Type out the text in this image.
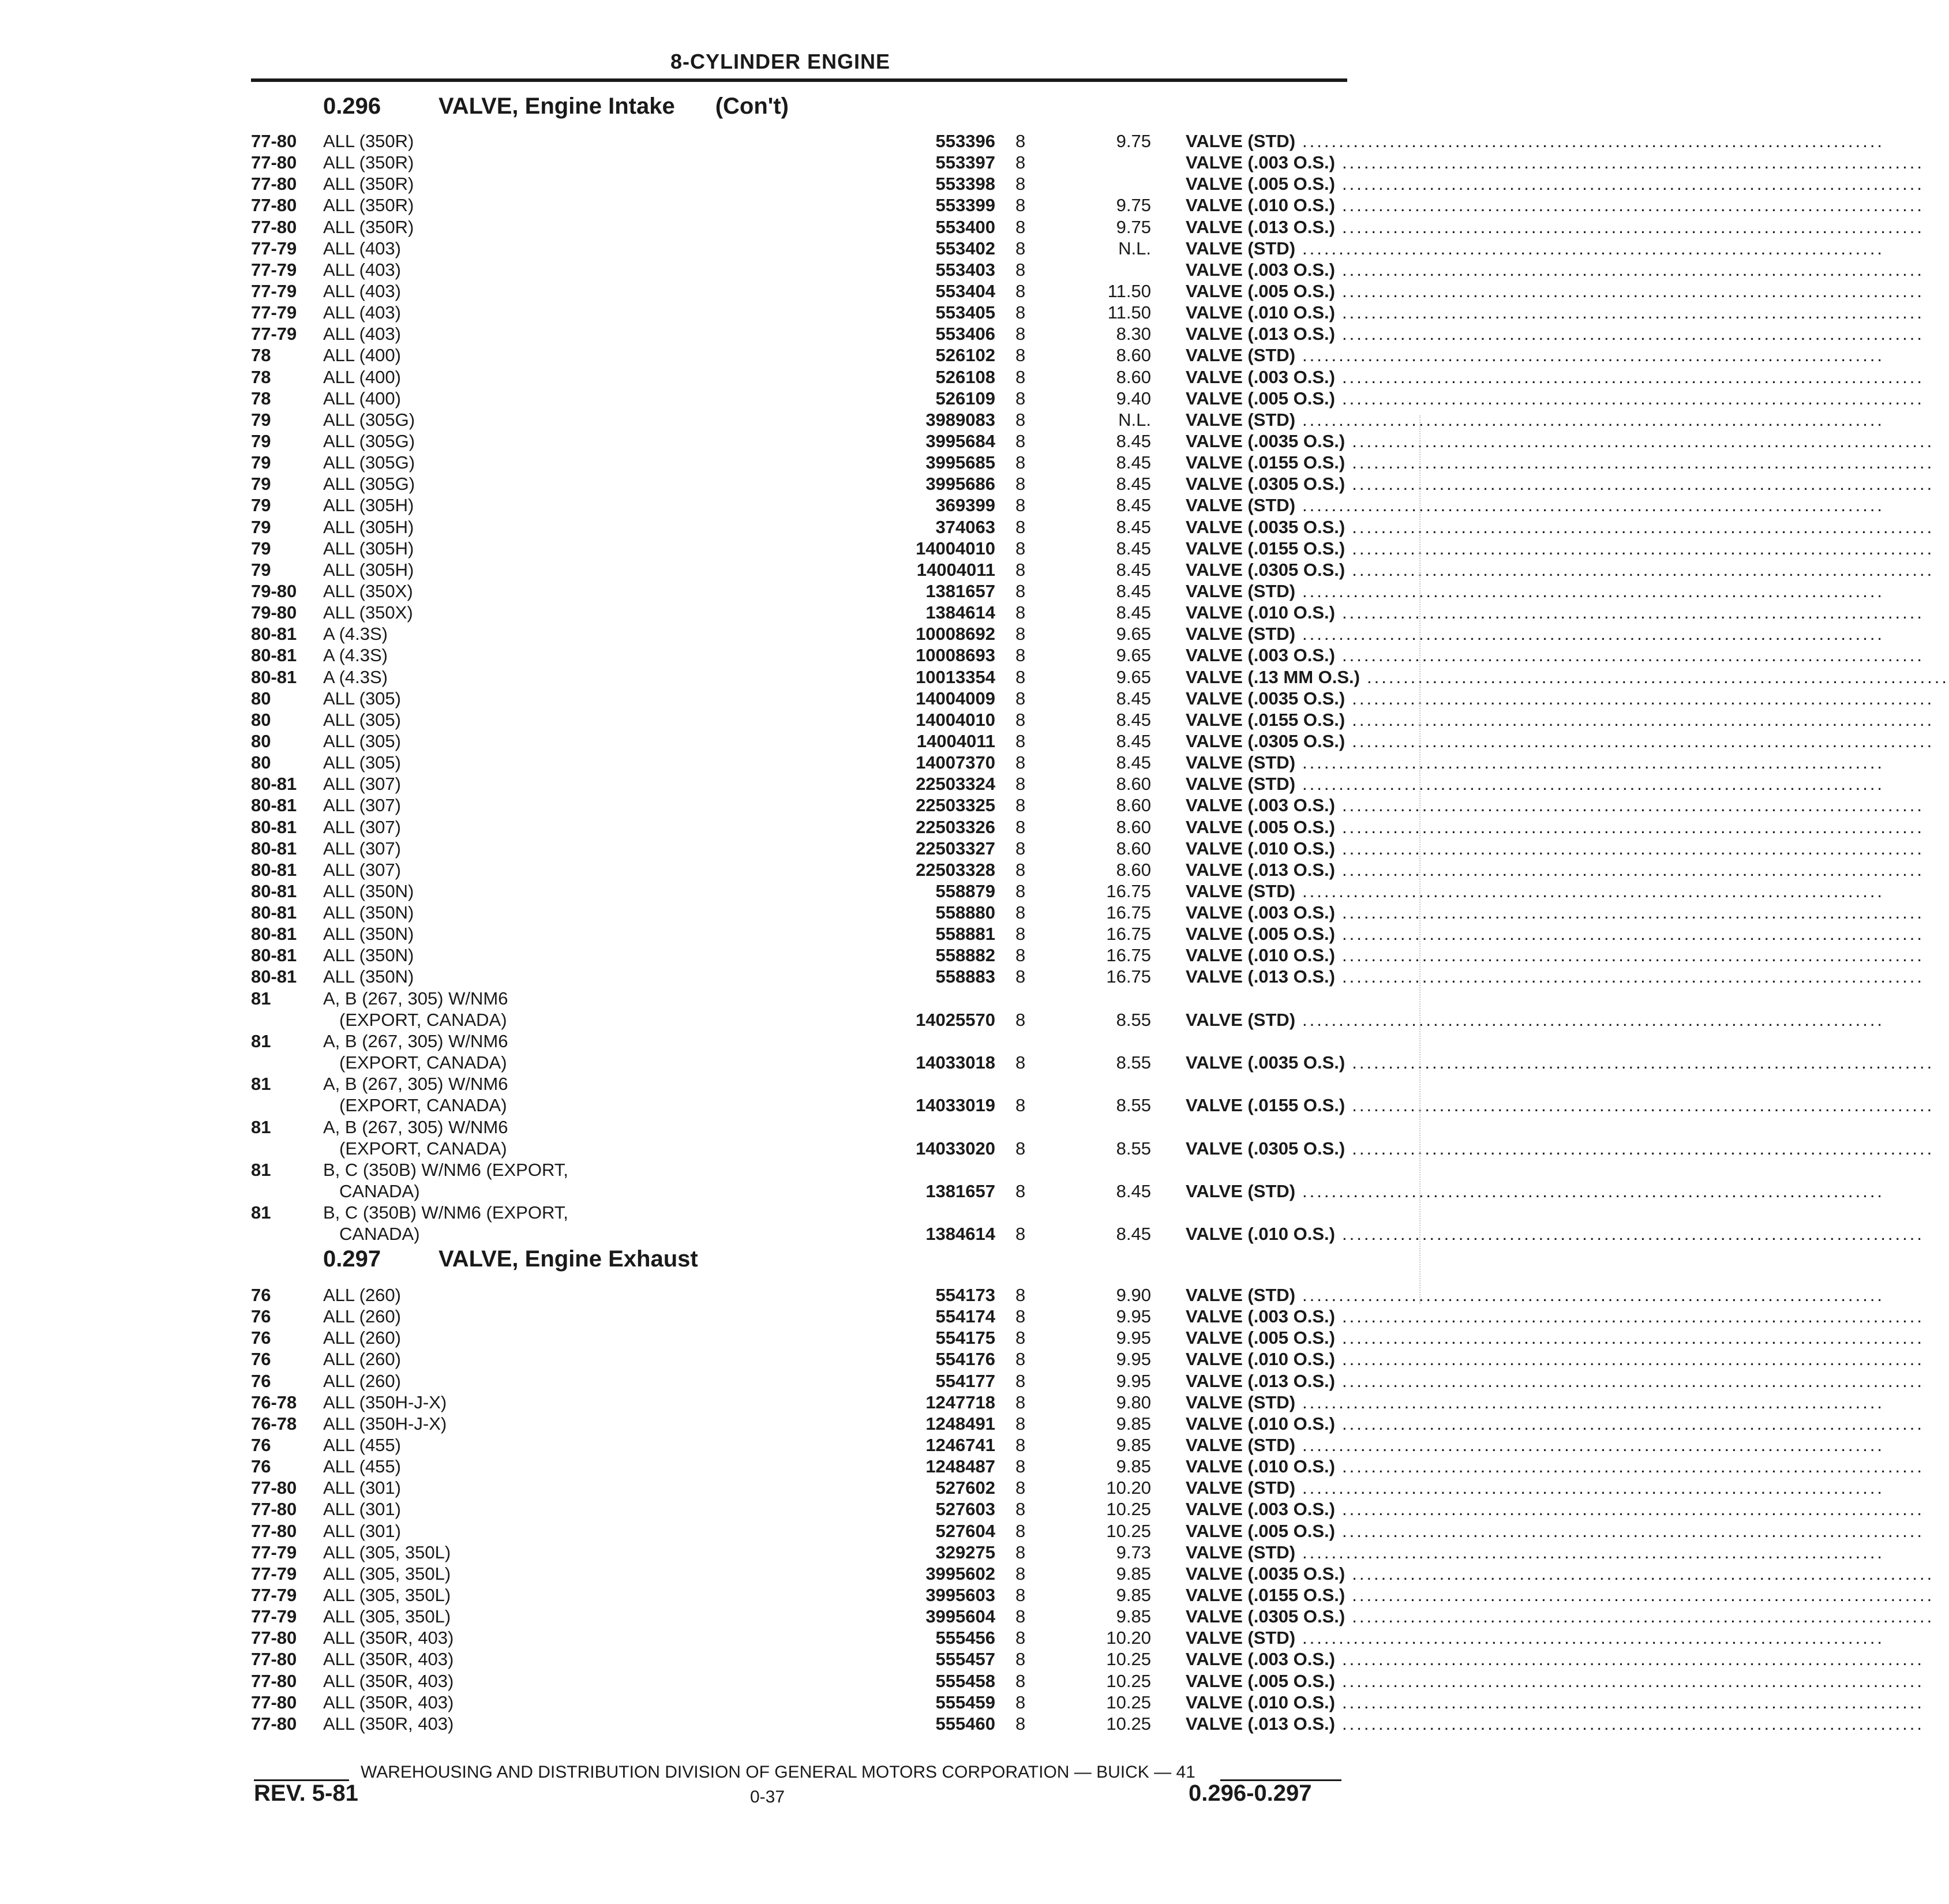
8-CYLINDER ENGINE
0.296	VALVE, Engine Intake (Con't)
77-80	ALL (350R)	553396 8	9.75 VALVE (STD) ................................................................................
77-80	ALL (350R)	553397 8	VALVE (.003 O.S.) ................................................................................
77-80	ALL (350R)	553398 8	VALVE (.005 O.S.) ................................................................................
77-80	ALL (350R)	553399 8	9.75 VALVE (.010 O.S.) ................................................................................
77-80	ALL (350R)	553400 8	9.75 VALVE (.013 O.S.) ................................................................................
77-79	ALL (403)	553402 8	N.L. VALVE (STD) ................................................................................
77-79	ALL (403)	553403 8	VALVE (.003 O.S.) ................................................................................
77-79	ALL (403)	553404 8	11.50 VALVE (.005 O.S.) ................................................................................
77-79	ALL (403)	553405 8	11.50 VALVE (.010 O.S.) ................................................................................
77-79	ALL (403)	553406 8	8.30 VALVE (.013 O.S.) ................................................................................
78	ALL (400)	526102 8	8.60 VALVE (STD) ................................................................................
78	ALL (400)	526108 8	8.60 VALVE (.003 O.S.) ................................................................................
78	ALL (400)	526109 8	9.40 VALVE (.005 O.S.) ................................................................................
79	ALL (305G)	3989083 8	N.L. VALVE (STD) ................................................................................
79	ALL (305G)	3995684 8	8.45 VALVE (.0035 O.S.) ................................................................................
79	ALL (305G)	3995685 8	8.45 VALVE (.0155 O.S.) ................................................................................
79	ALL (305G)	3995686 8	8.45 VALVE (.0305 O.S.) ................................................................................
79	ALL (305H)	369399 8	8.45 VALVE (STD) ................................................................................
79	ALL (305H)	374063 8	8.45 VALVE (.0035 O.S.) ................................................................................
79	ALL (305H)	14004010 8	8.45 VALVE (.0155 O.S.) ................................................................................
79	ALL (305H)	14004011 8	8.45 VALVE (.0305 O.S.) ................................................................................
79-80	ALL (350X)	1381657 8	8.45 VALVE (STD) ................................................................................
79-80	ALL (350X)	1384614 8	8.45 VALVE (.010 O.S.) ................................................................................
80-81	A (4.3S)	10008692 8	9.65 VALVE (STD) ................................................................................
80-81	A (4.3S)	10008693 8	9.65 VALVE (.003 O.S.) ................................................................................
80-81	A (4.3S)	10013354 8	9.65 VALVE (.13 MM O.S.) ................................................................................
80	ALL (305)	14004009 8	8.45 VALVE (.0035 O.S.) ................................................................................
80	ALL (305)	14004010 8	8.45 VALVE (.0155 O.S.) ................................................................................
80	ALL (305)	14004011 8	8.45 VALVE (.0305 O.S.) ................................................................................
80	ALL (305)	14007370 8	8.45 VALVE (STD) ................................................................................
80-81	ALL (307)	22503324 8	8.60 VALVE (STD) ................................................................................
80-81	ALL (307)	22503325 8	8.60 VALVE (.003 O.S.) ................................................................................
80-81	ALL (307)	22503326 8	8.60 VALVE (.005 O.S.) ................................................................................
80-81	ALL (307)	22503327 8	8.60 VALVE (.010 O.S.) ................................................................................
80-81	ALL (307)	22503328 8	8.60 VALVE (.013 O.S.) ................................................................................
80-81	ALL (350N)	558879 8	16.75 VALVE (STD) ................................................................................
80-81	ALL (350N)	558880 8	16.75 VALVE (.003 O.S.) ................................................................................
80-81	ALL (350N)	558881 8	16.75 VALVE (.005 O.S.) ................................................................................
80-81	ALL (350N)	558882 8	16.75 VALVE (.010 O.S.) ................................................................................
80-81	ALL (350N)	558883 8	16.75 VALVE (.013 O.S.) ................................................................................
81	A, B (267, 305) W/NM6
(EXPORT, CANADA)	14025570 8	8.55 VALVE (STD) ................................................................................
81	A, B (267, 305) W/NM6
(EXPORT, CANADA)	14033018 8	8.55 VALVE (.0035 O.S.) ................................................................................
81	A, B (267, 305) W/NM6
(EXPORT, CANADA)	14033019 8	8.55 VALVE (.0155 O.S.) ................................................................................
81	A, B (267, 305) W/NM6
(EXPORT, CANADA)	14033020 8	8.55 VALVE (.0305 O.S.) ................................................................................
81	B, C (350B) W/NM6 (EXPORT,
CANADA)	1381657 8	8.45 VALVE (STD) ................................................................................
81	B, C (350B) W/NM6 (EXPORT,
CANADA)	1384614 8	8.45 VALVE (.010 O.S.) ................................................................................
0.297	VALVE, Engine Exhaust
76	ALL (260)	554173 8	9.90 VALVE (STD) ................................................................................
76	ALL (260)	554174 8	9.95 VALVE (.003 O.S.) ................................................................................
76	ALL (260)	554175 8	9.95 VALVE (.005 O.S.) ................................................................................
76	ALL (260)	554176 8	9.95 VALVE (.010 O.S.) ................................................................................
76	ALL (260)	554177 8	9.95 VALVE (.013 O.S.) ................................................................................
76-78	ALL (350H-J-X)	1247718 8	9.80 VALVE (STD) ................................................................................
76-78	ALL (350H-J-X)	1248491 8	9.85 VALVE (.010 O.S.) ................................................................................
76	ALL (455)	1246741 8	9.85 VALVE (STD) ................................................................................
76	ALL (455)	1248487 8	9.85 VALVE (.010 O.S.) ................................................................................
77-80	ALL (301)	527602 8	10.20 VALVE (STD) ................................................................................
77-80	ALL (301)	527603 8	10.25 VALVE (.003 O.S.) ................................................................................
77-80	ALL (301)	527604 8	10.25 VALVE (.005 O.S.) ................................................................................
77-79	ALL (305, 350L)	329275 8	9.73 VALVE (STD) ................................................................................
77-79	ALL (305, 350L)	3995602 8	9.85 VALVE (.0035 O.S.) ................................................................................
77-79	ALL (305, 350L)	3995603 8	9.85 VALVE (.0155 O.S.) ................................................................................
77-79	ALL (305, 350L)	3995604 8	9.85 VALVE (.0305 O.S.) ................................................................................
77-80	ALL (350R, 403)	555456 8	10.20 VALVE (STD) ................................................................................
77-80	ALL (350R, 403)	555457 8	10.25 VALVE (.003 O.S.) ................................................................................
77-80	ALL (350R, 403)	555458 8	10.25 VALVE (.005 O.S.) ................................................................................
77-80	ALL (350R, 403)	555459 8	10.25 VALVE (.010 O.S.) ................................................................................
77-80	ALL (350R, 403)	555460 8	10.25 VALVE (.013 O.S.) ................................................................................
WAREHOUSING AND DISTRIBUTION DIVISION OF GENERAL MOTORS CORPORATION — BUICK — 41
REV. 5-81	0-37	0.296-0.297
